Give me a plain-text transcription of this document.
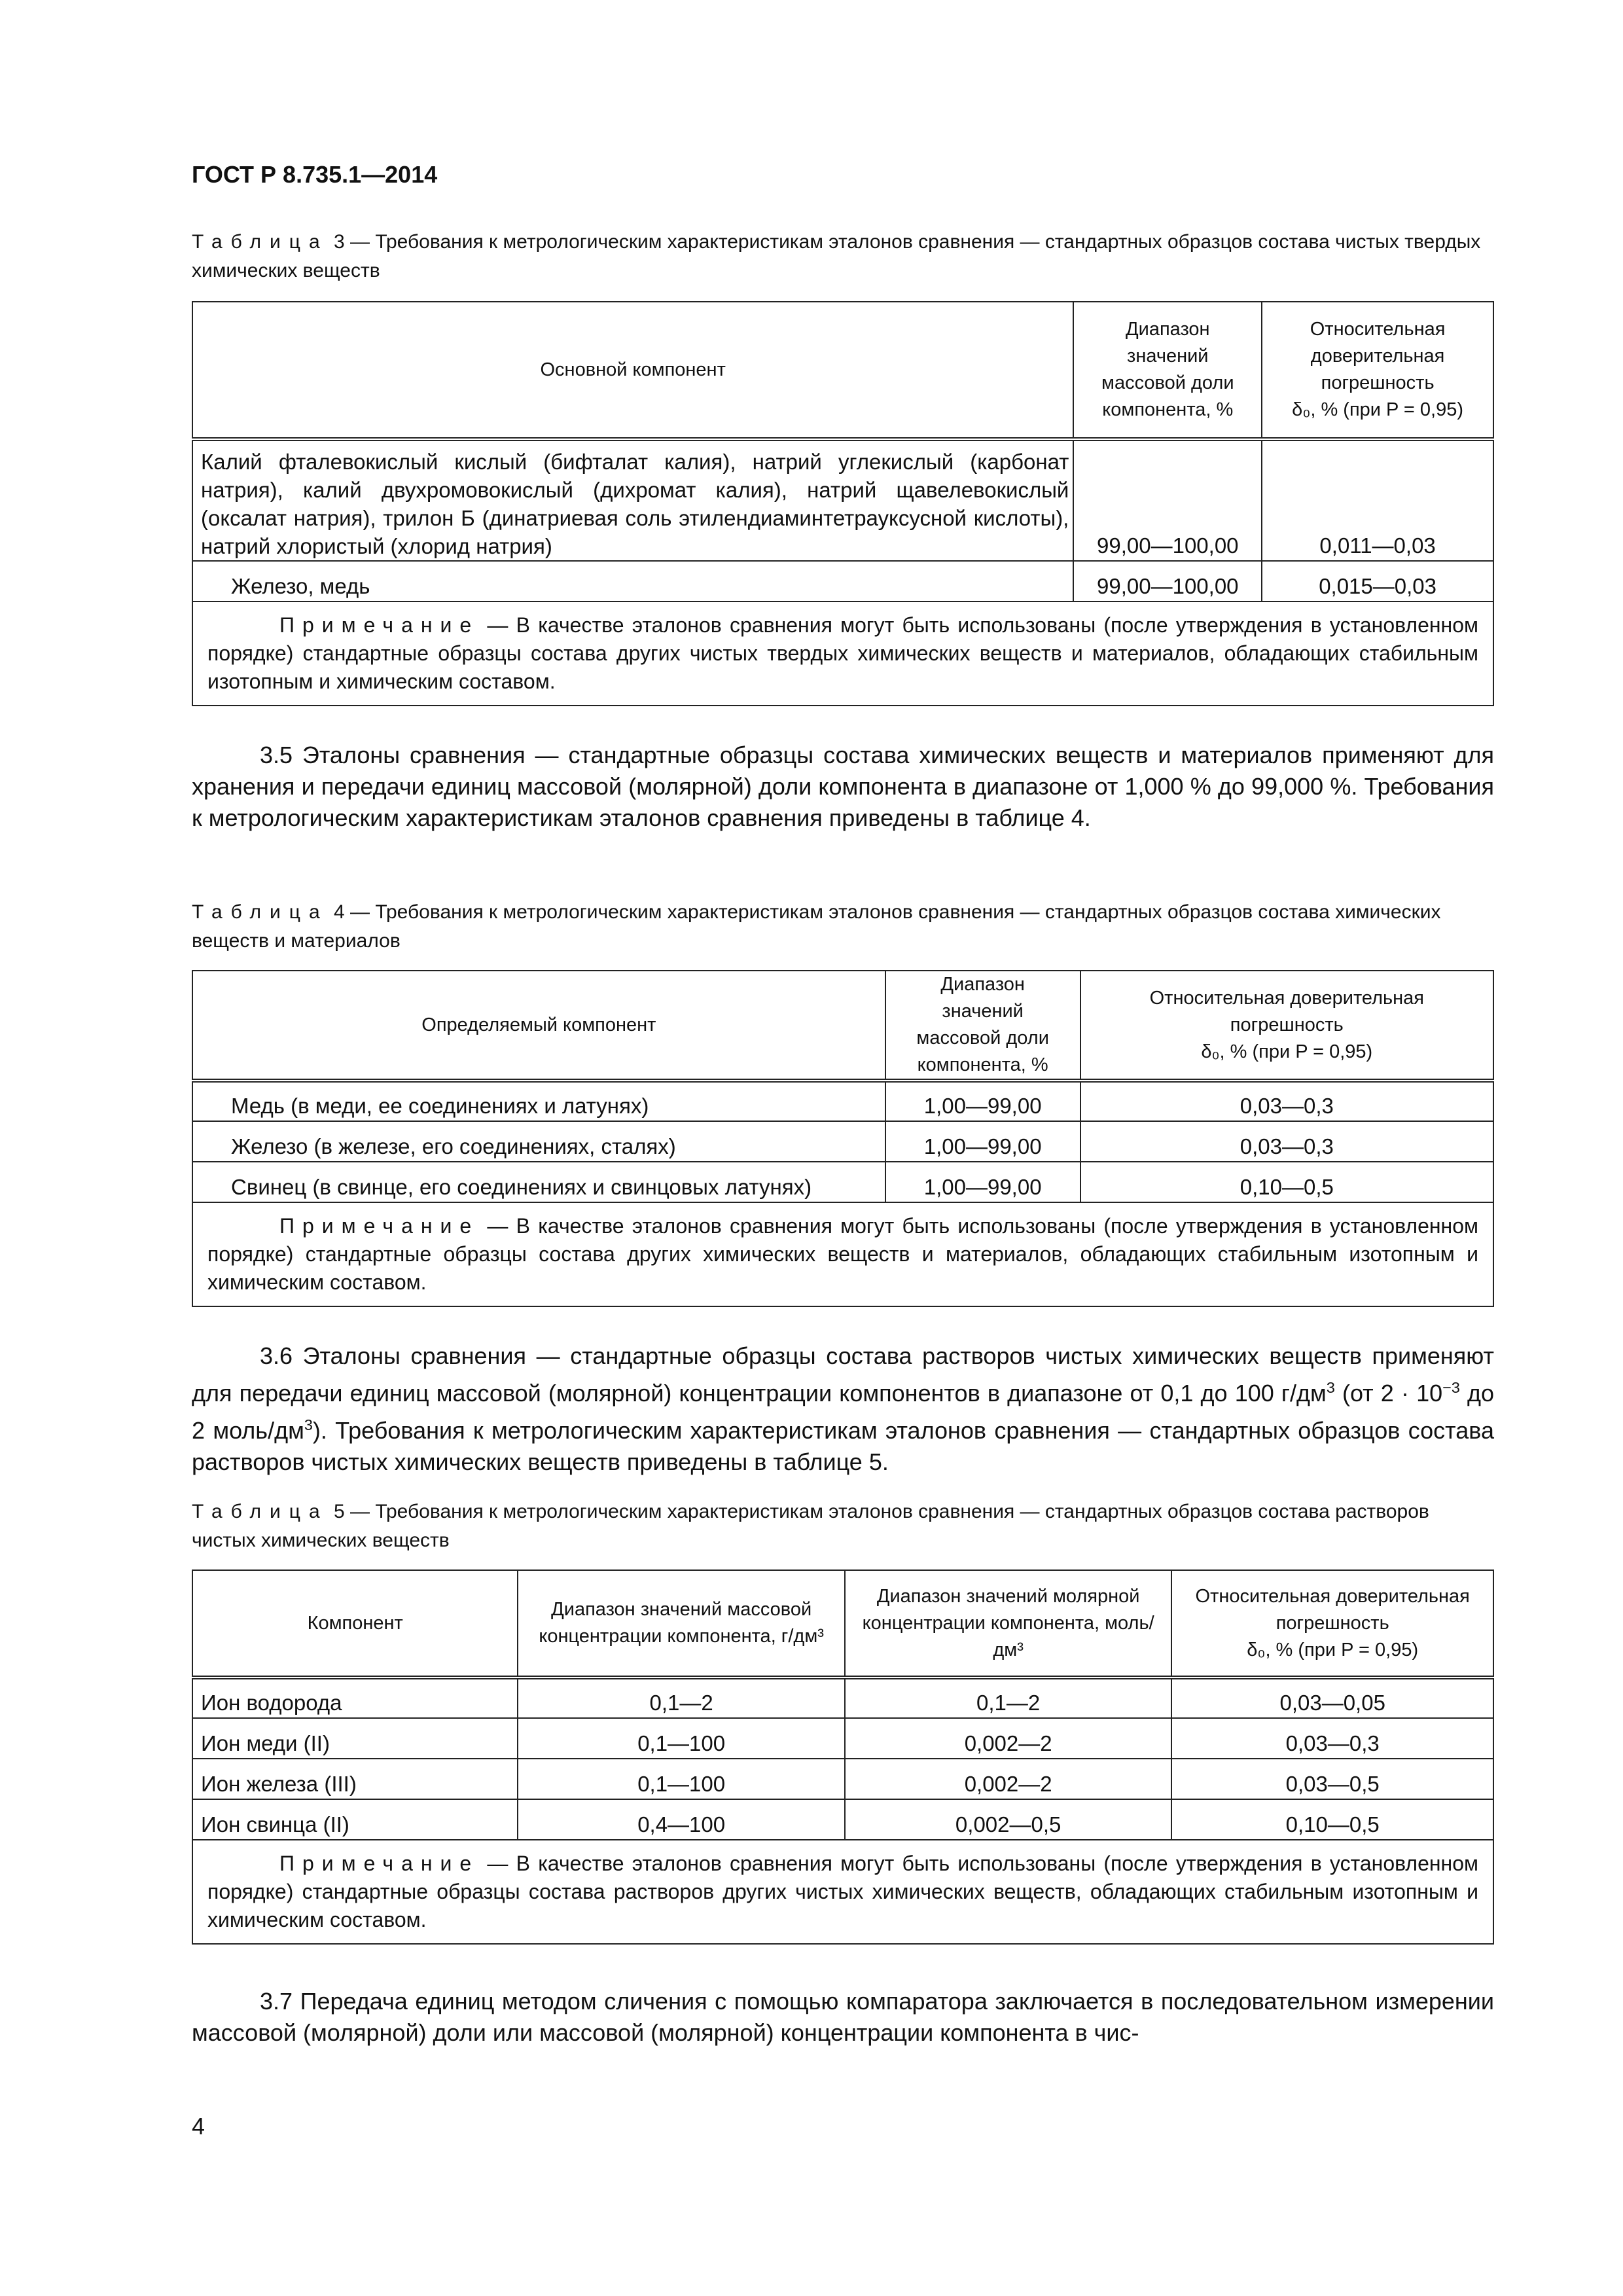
ГОСТ Р 8.735.1—2014
Таблица 3 — Требования к метрологическим характеристикам эталонов сравнения — стандартных образцов состава чистых твердых химических веществ
Основной компонент	Диапазон значений массовой доли компонента, %	Относительная доверительная погрешность
δ₀, % (при P = 0,95)
Калий фталевокислый кислый (бифталат калия), натрий углекислый (карбонат натрия), калий двухромовокислый (дихромат калия), натрий щавелевокислый (оксалат натрия), трилон Б (динатриевая соль этилендиаминтетрауксусной кислоты), натрий хлористый (хлорид натрия)	99,00—100,00	0,011—0,03
Железо, медь	99,00—100,00	0,015—0,03
Примечание — В качестве эталонов сравнения могут быть использованы (после утверждения в установленном порядке) стандартные образцы состава других чистых твердых химических веществ и материалов, обладающих стабильным изотопным и химическим составом.		
3.5 Эталоны сравнения — стандартные образцы состава химических веществ и материалов применяют для хранения и передачи единиц массовой (молярной) доли компонента в диапазоне от 1,000 % до 99,000 %. Требования к метрологическим характеристикам эталонов сравнения приведены в таблице 4.
Таблица 4 — Требования к метрологическим характеристикам эталонов сравнения — стандартных образцов состава химических веществ и материалов
Определяемый компонент	Диапазон значений массовой доли компонента, %	Относительная доверительная погрешность
δ₀, % (при P = 0,95)
Медь (в меди, ее соединениях и латунях)	1,00—99,00	0,03—0,3
Железо (в железе, его соединениях, сталях)	1,00—99,00	0,03—0,3
Свинец (в свинце, его соединениях и свинцовых латунях)	1,00—99,00	0,10—0,5
Примечание — В качестве эталонов сравнения могут быть использованы (после утверждения в установленном порядке) стандартные образцы состава других химических веществ и материалов, обладающих стабильным изотопным и химическим составом.		
3.6 Эталоны сравнения — стандартные образцы состава растворов чистых химических веществ применяют для передачи единиц массовой (молярной) концентрации компонентов в диапазоне от 0,1 до 100 $г/дм^3$ (от $2 \cdot 10^{-3}$ до 2 моль/$дм^3$). Требования к метрологическим характеристикам эталонов сравнения — стандартных образцов состава растворов чистых химических веществ приведены в таблице 5.
Таблица 5 — Требования к метрологическим характеристикам эталонов сравнения — стандартных образцов состава растворов чистых химических веществ
Компонент	Диапазон значений массовой концентрации компонента, г/дм³	Диапазон значений молярной концентрации компонента, моль/дм³	Относительная доверительная погрешность
δ₀, % (при P = 0,95)
Ион водорода	0,1—2	0,1—2	0,03—0,05
Ион меди (II)	0,1—100	0,002—2	0,03—0,3
Ион железа (III)	0,1—100	0,002—2	0,03—0,5
Ион свинца (II)	0,4—100	0,002—0,5	0,10—0,5
Примечание — В качестве эталонов сравнения могут быть использованы (после утверждения в установленном порядке) стандартные образцы состава растворов других чистых химических веществ, обладающих стабильным изотопным и химическим составом.			
3.7 Передача единиц методом сличения с помощью компаратора заключается в последовательном измерении массовой (молярной) доли или массовой (молярной) концентрации компонента в чис-
4
